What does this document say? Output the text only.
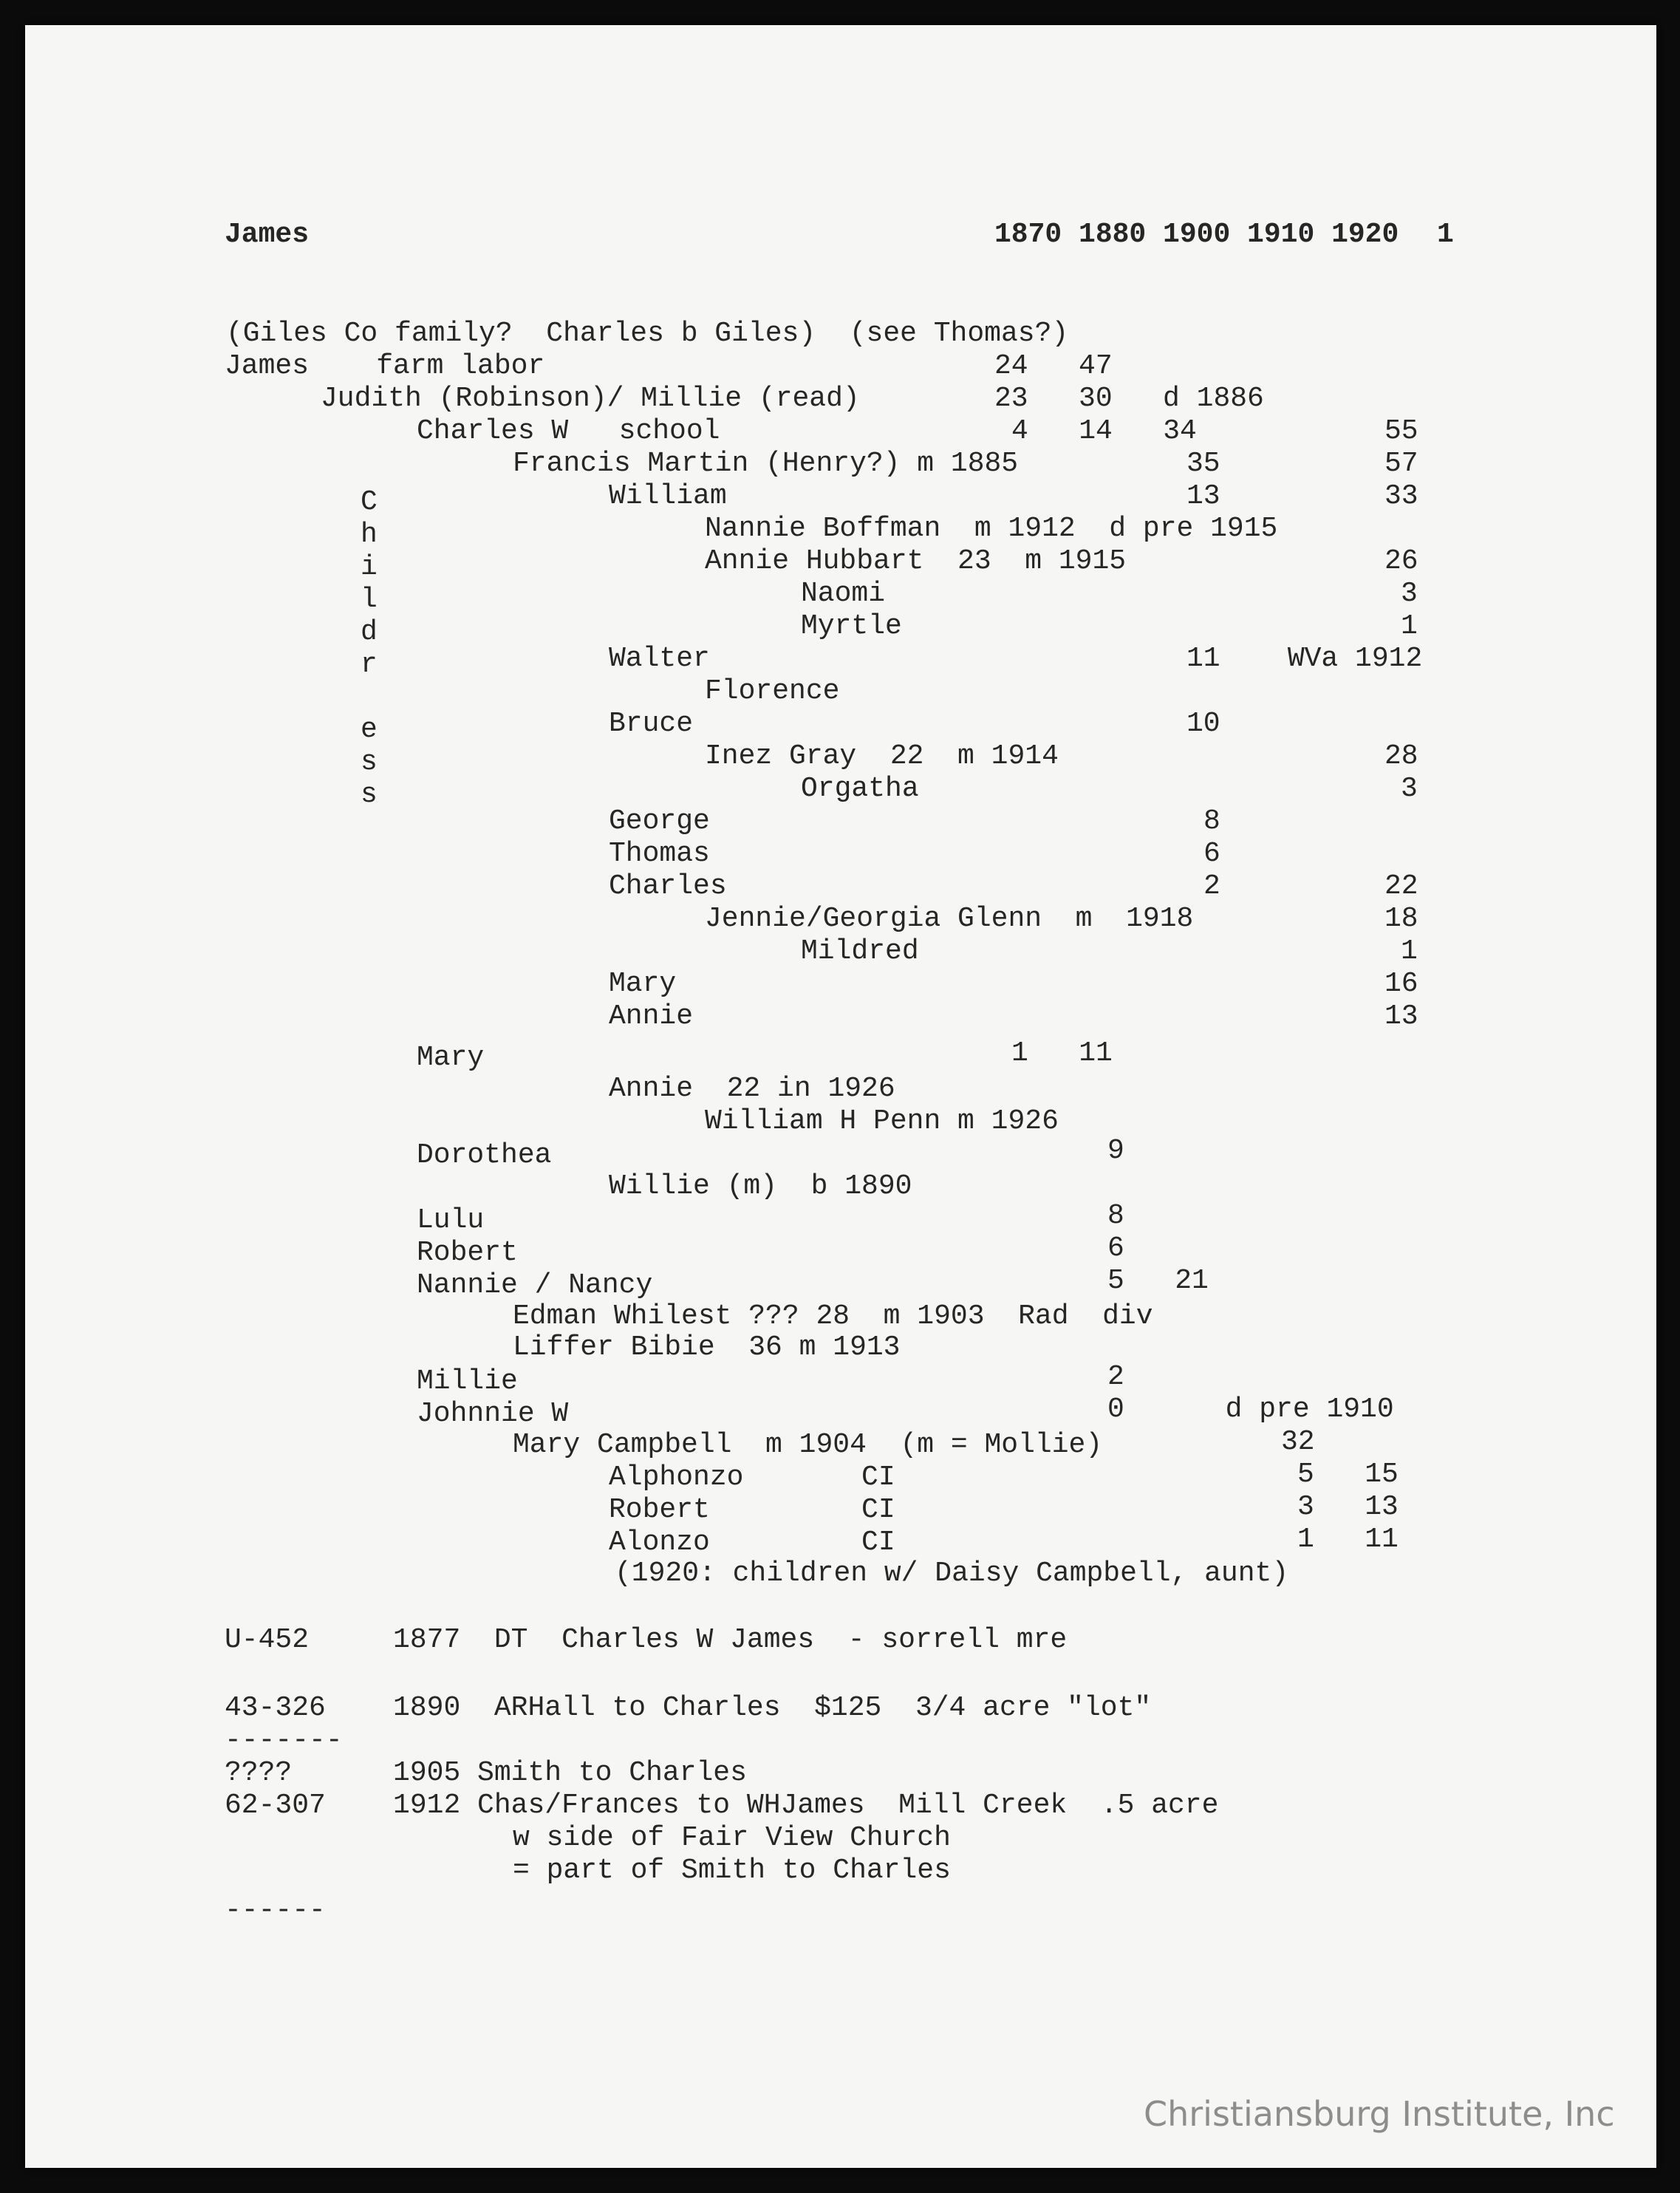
James	1870 1880 1900 1910 1920 1
C
h
i
l
d
r
e
s
s
(Giles Co family?  Charles b Giles)  (see Thomas?)
James    farm labor	24   47
Judith (Robinson)/ Millie (read)	23   30   d 1886
Charles W   school	4   14   34	55
Francis Martin (Henry?) m 1885	35	57
William	13	33
Nannie Boffman  m 1912  d pre 1915
Annie Hubbart  23  m 1915	26
Naomi	3
Myrtle	1
Walter	11    WVa 1912
Florence
Bruce	10
Inez Gray  22  m 1914	28
Orgatha	3
George	8
Thomas	6
Charles	2	22
Jennie/Georgia Glenn  m  1918	18
Mildred	1
Mary	16
Annie	13
Mary	1   11
Annie  22 in 1926
William H Penn m 1926
Dorothea	9
Willie (m)  b 1890
Lulu	8
Robert	6
Nannie / Nancy	5   21
Edman Whilest ??? 28  m 1903  Rad  div
Liffer Bibie  36 m 1913
Millie	2
Johnnie W	0      d pre 1910
Mary Campbell  m 1904  (m = Mollie)	32
Alphonzo       CI	5   15
Robert         CI	3   13
Alonzo         CI	1   11
(1920: children w/ Daisy Campbell, aunt)
U-452     1877  DT  Charles W James  - sorrell mre
43-326    1890  ARHall to Charles  $125  3/4 acre "lot"
-------
????      1905 Smith to Charles
62-307    1912 Chas/Frances to WHJames  Mill Creek  .5 acre
w side of Fair View Church
= part of Smith to Charles
------
Christiansburg Institute, Inc
